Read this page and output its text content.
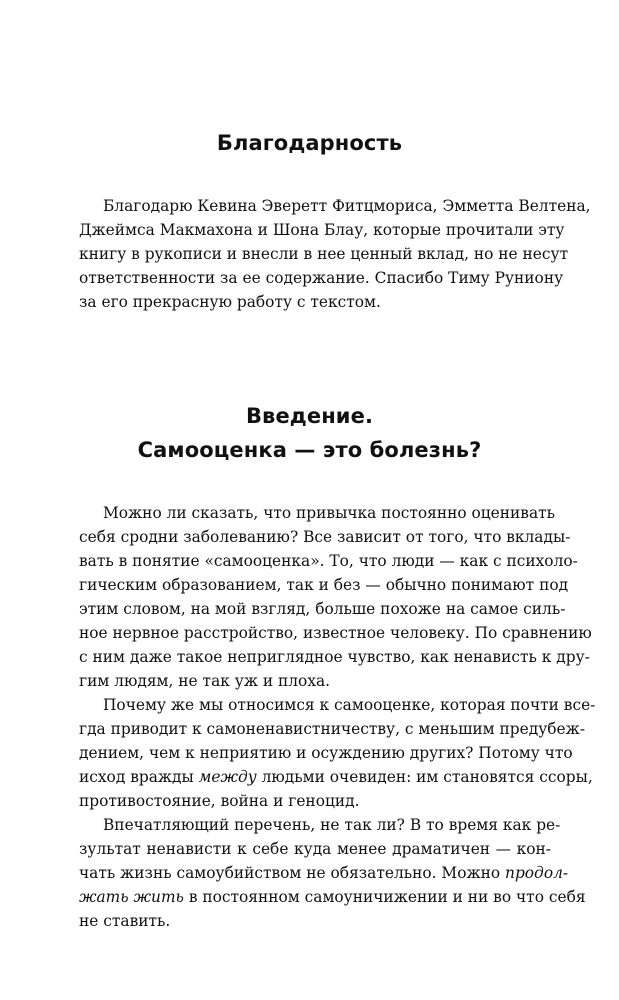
Благодарность

Благодарю Кевина Эверетт Фитцмориса, Эмметта Велтена,

Джеймса Макмахона и Шона Блау, которые прочитали эту

книгу в рукописи и внесли в нее ценный вклад, но не несут

ответственности за ее содержание. Спасибо Тиму Руниону

за его прекрасную работу с текстом.

Введение.
Самооценка — это болезнь?

Можно ли сказать, что привычка постоянно оценивать

себя сродни заболеванию? Все зависит от того, что вклады-

вать в понятие «самооценка». То, что люди — как с психоло-

гическим образованием, так и без — обычно понимают под

этим словом, на мой взгляд, больше похоже на самое силь-

ное нервное расстройство, известное человеку. По сравнению

с ним даже такое неприглядное чувство, как ненависть к дру-

гим людям, не так уж и плоха.

Почему же мы относимся к самооценке, которая почти все-

гда приводит к самоненавистничеству, с меньшим предубеж-

дением, чем к неприятию и осуждению других? Потому что

исход вражды между людьми очевиден: им становятся ссоры,

противостояние, война и геноцид.

Впечатляющий перечень, не так ли? В то время как ре-

зультат ненависти к себе куда менее драматичен — кон-

чать жизнь самоубийством не обязательно. Можно продол-

жать жить в постоянном самоуничижении и ни во что себя

не ставить.
